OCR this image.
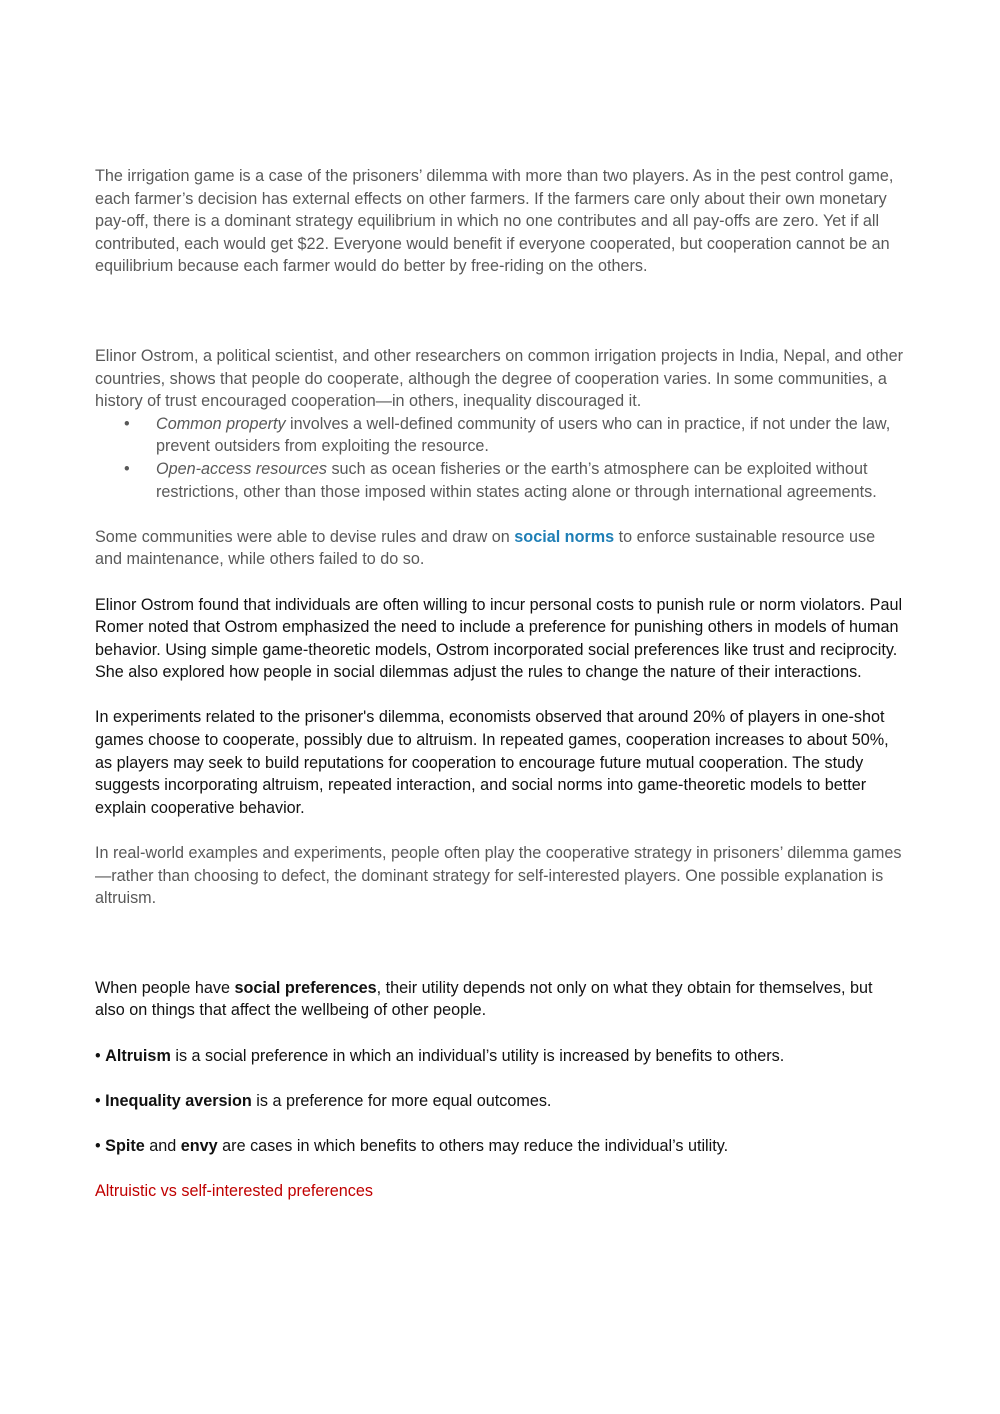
The irrigation game is a case of the prisoners’ dilemma with more than two players. As in the pest control game, each farmer’s decision has external effects on other farmers. If the farmers care only about their own monetary pay-off, there is a dominant strategy equilibrium in which no one contributes and all pay-offs are zero. Yet if all contributed, each would get $22. Everyone would benefit if everyone cooperated, but cooperation cannot be an equilibrium because each farmer would do better by free-riding on the others.

Elinor Ostrom, a political scientist, and other researchers on common irrigation projects in India, Nepal, and other countries, shows that people do cooperate, although the degree of cooperation varies. In some communities, a history of trust encouraged cooperation—in others, inequality discouraged it.

• Common property involves a well-defined community of users who can in practice, if not under the law, prevent outsiders from exploiting the resource.
• Open-access resources such as ocean fisheries or the earth’s atmosphere can be exploited without restrictions, other than those imposed within states acting alone or through international agreements.

Some communities were able to devise rules and draw on social norms to enforce sustainable resource use and maintenance, while others failed to do so.

Elinor Ostrom found that individuals are often willing to incur personal costs to punish rule or norm violators. Paul Romer noted that Ostrom emphasized the need to include a preference for punishing others in models of human behavior. Using simple game-theoretic models, Ostrom incorporated social preferences like trust and reciprocity. She also explored how people in social dilemmas adjust the rules to change the nature of their interactions.

In experiments related to the prisoner's dilemma, economists observed that around 20% of players in one-shot games choose to cooperate, possibly due to altruism. In repeated games, cooperation increases to about 50%, as players may seek to build reputations for cooperation to encourage future mutual cooperation. The study suggests incorporating altruism, repeated interaction, and social norms into game-theoretic models to better explain cooperative behavior.

In real-world examples and experiments, people often play the cooperative strategy in prisoners’ dilemma games—rather than choosing to defect, the dominant strategy for self-interested players. One possible explanation is altruism.

When people have social preferences, their utility depends not only on what they obtain for themselves, but also on things that affect the wellbeing of other people.

• Altruism is a social preference in which an individual’s utility is increased by benefits to others.

• Inequality aversion is a preference for more equal outcomes.

• Spite and envy are cases in which benefits to others may reduce the individual’s utility.

Altruistic vs self-interested preferences
